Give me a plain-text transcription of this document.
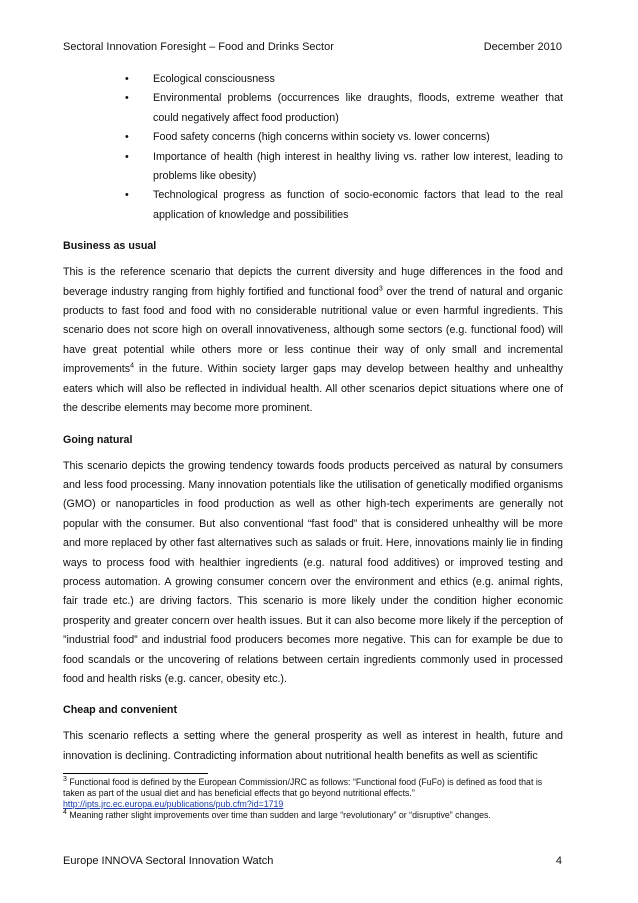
Sectoral Innovation Foresight – Food and Drinks Sector	December 2010
• Ecological consciousness
• Environmental problems (occurrences like draughts, floods, extreme weather that could negatively affect food production)
• Food safety concerns (high concerns within society vs. lower concerns)
• Importance of health (high interest in healthy living vs. rather low interest, leading to problems like obesity)
• Technological progress as function of socio-economic factors that lead to the real application of knowledge and possibilities
Business as usual

This is the reference scenario that depicts the current diversity and huge differences in the food and beverage industry ranging from highly fortified and functional food$^3$ over the trend of natural and organic products to fast food and food with no considerable nutritional value or even harmful ingredients. This scenario does not score high on overall innovativeness, although some sectors (e.g. functional food) will have great potential while others more or less continue their way of only small and incremental improvements$^4$ in the future. Within society larger gaps may develop between healthy and unhealthy eaters which will also be reflected in individual health. All other scenarios depict situations where one of the describe elements may become more prominent.

Going natural

This scenario depicts the growing tendency towards foods products perceived as natural by consumers and less food processing. Many innovation potentials like the utilisation of genetically modified organisms (GMO) or nanoparticles in food production as well as other high-tech experiments are generally not popular with the consumer. But also conventional “fast food” that is considered unhealthy will be more and more replaced by other fast alternatives such as salads or fruit. Here, innovations mainly lie in finding ways to process food with healthier ingredients (e.g. natural food additives) or improved testing and process automation. A growing consumer concern over the environment and ethics (e.g. animal rights, fair trade etc.) are driving factors. This scenario is more likely under the condition higher economic prosperity and greater concern over health issues. But it can also become more likely if the perception of ”industrial food” and industrial food producers becomes more negative. This can for example be due to food scandals or the uncovering of relations between certain ingredients commonly used in processed food and health risks (e.g. cancer, obesity etc.).

Cheap and convenient

This scenario reflects a setting where the general prosperity as well as interest in health, future and innovation is declining. Contradicting information about nutritional health benefits as well as scientific

$^3$ Functional food is defined by the European Commission/JRC as follows: “Functional food (FuFo) is defined as food that is taken as part of the usual diet and has beneficial effects that go beyond nutritional effects.”
http://ipts.jrc.ec.europa.eu/publications/pub.cfm?id=1719
$^4$ Meaning rather slight improvements over time than sudden and large “revolutionary” or “disruptive” changes.
Europe INNOVA Sectoral Innovation Watch	4
